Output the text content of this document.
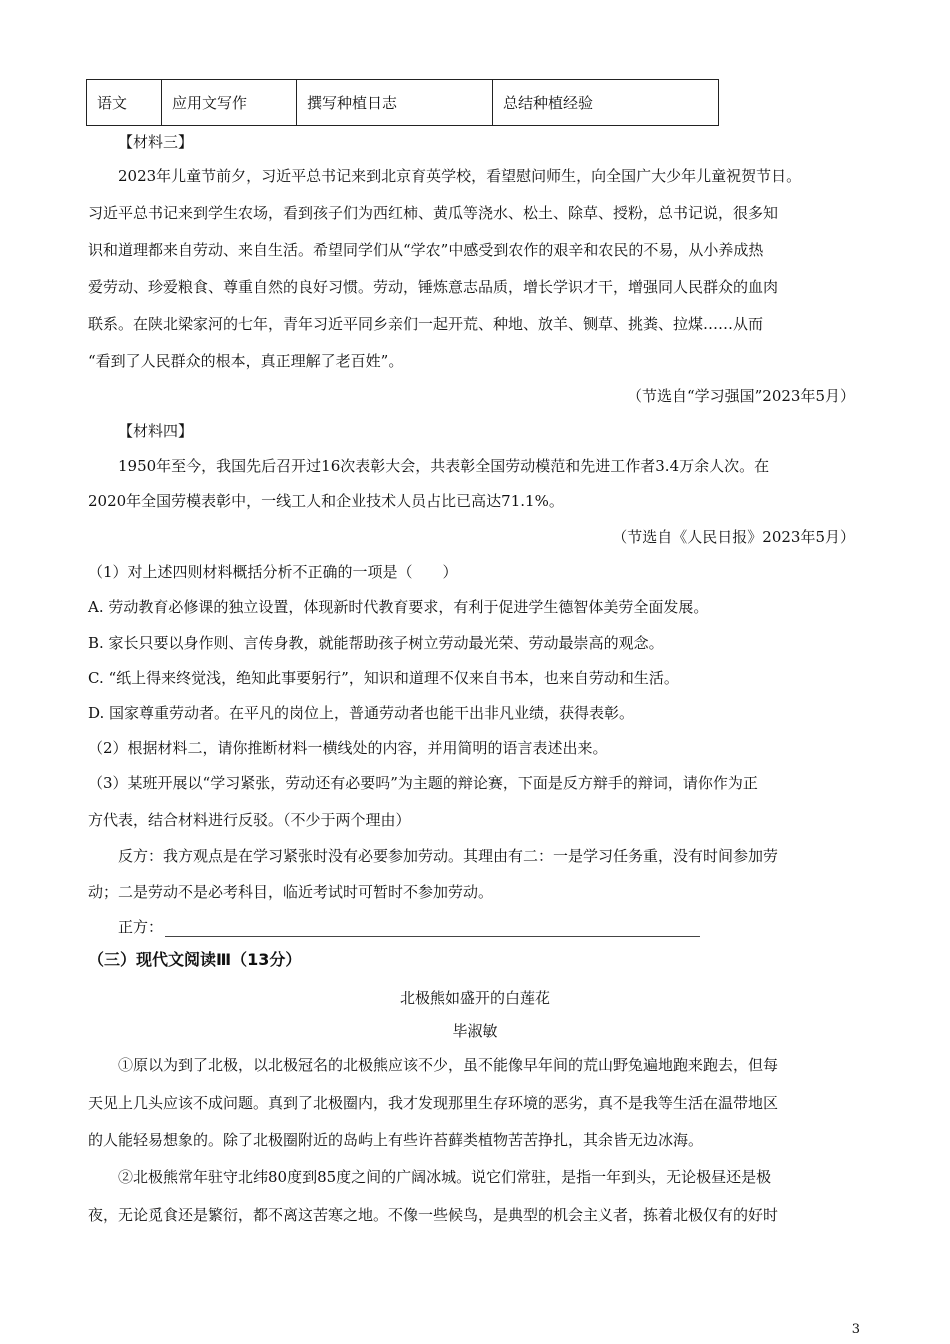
语文	应用文写作	撰写种植日志	总结种植经验
【材料三】
2023年儿童节前夕，习近平总书记来到北京育英学校，看望慰问师生，向全国广大少年儿童祝贺节日。
习近平总书记来到学生农场，看到孩子们为西红柿、黄瓜等浇水、松土、除草、授粉，总书记说，很多知
识和道理都来自劳动、来自生活。希望同学们从“学农”中感受到农作的艰辛和农民的不易，从小养成热
爱劳动、珍爱粮食、尊重自然的良好习惯。劳动，锤炼意志品质，增长学识才干，增强同人民群众的血肉
联系。在陕北梁家河的七年，青年习近平同乡亲们一起开荒、种地、放羊、铡草、挑粪、拉煤……从而
“看到了人民群众的根本，真正理解了老百姓”。
（节选自“学习强国”2023年5月）
【材料四】
1950年至今，我国先后召开过16次表彰大会，共表彰全国劳动模范和先进工作者3.4万余人次。在
2020年全国劳模表彰中，一线工人和企业技术人员占比已高达71.1%。
（节选自《人民日报》2023年5月）
（1）对上述四则材料概括分析不正确的一项是（　　）
A. 劳动教育必修课的独立设置，体现新时代教育要求，有利于促进学生德智体美劳全面发展。
B. 家长只要以身作则、言传身教，就能帮助孩子树立劳动最光荣、劳动最崇高的观念。
C. “纸上得来终觉浅，绝知此事要躬行”，知识和道理不仅来自书本，也来自劳动和生活。
D. 国家尊重劳动者。在平凡的岗位上，普通劳动者也能干出非凡业绩，获得表彰。
（2）根据材料二，请你推断材料一横线处的内容，并用简明的语言表述出来。
（3）某班开展以“学习紧张，劳动还有必要吗”为主题的辩论赛，下面是反方辩手的辩词，请你作为正
方代表，结合材料进行反驳。（不少于两个理由）
反方：我方观点是在学习紧张时没有必要参加劳动。其理由有二：一是学习任务重，没有时间参加劳
动；二是劳动不是必考科目，临近考试时可暂时不参加劳动。
正方：
（三）现代文阅读Ⅲ（13分）
北极熊如盛开的白莲花
毕淑敏
①原以为到了北极，以北极冠名的北极熊应该不少，虽不能像早年间的荒山野兔遍地跑来跑去，但每
天见上几头应该不成问题。真到了北极圈内，我才发现那里生存环境的恶劣，真不是我等生活在温带地区
的人能轻易想象的。除了北极圈附近的岛屿上有些许苔藓类植物苦苦挣扎，其余皆无边冰海。
②北极熊常年驻守北纬80度到85度之间的广阔冰城。说它们常驻，是指一年到头，无论极昼还是极
夜，无论觅食还是繁衍，都不离这苦寒之地。不像一些候鸟，是典型的机会主义者，拣着北极仅有的好时
3
